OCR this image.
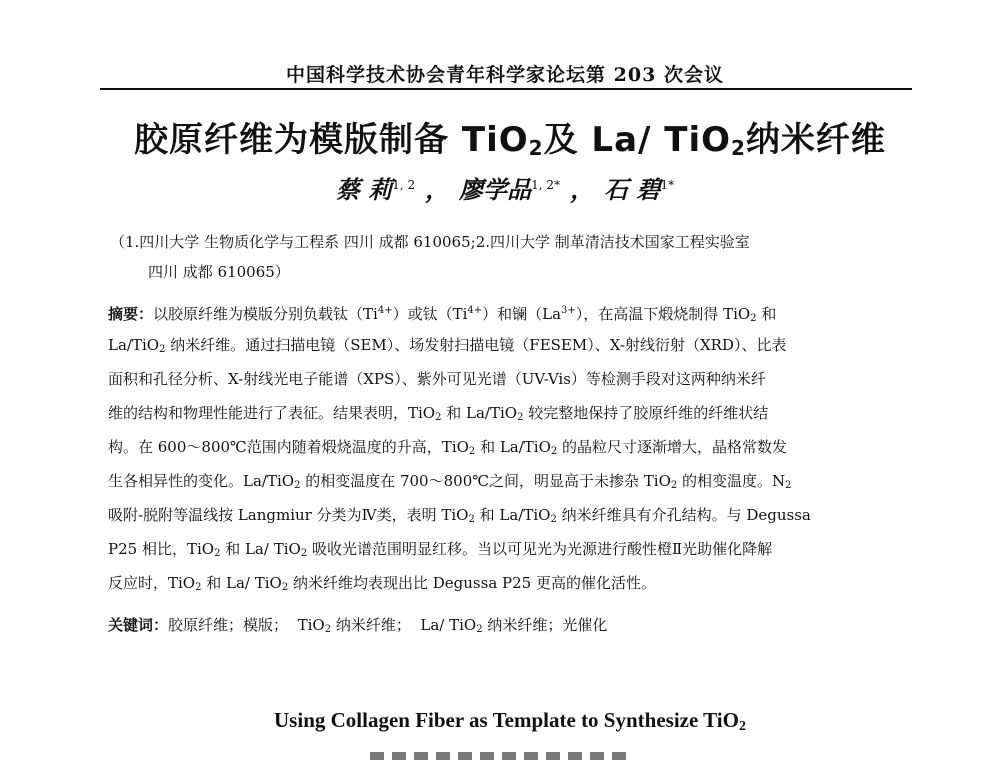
中国科学技术协会青年科学家论坛第 203 次会议
胶原纤维为模版制备 TiO$_2$及 La/ TiO$_2$纳米纤维
蔡 莉$^{1, 2}$ ， 廖学品$^{1, 2*}$ ， 石 碧$^{1*}$
（1.四川大学 生物质化学与工程系 四川 成都 610065;2.四川大学 制革清洁技术国家工程实验室
四川 成都 610065）
摘要：以胶原纤维为模版分别负载钛$(Ti^{4+})$或钛$(Ti^{4+})$和镧$(La^{3+})$，在高温下煅烧制得 TiO$_2$ 和
La/TiO$_2$ 纳米纤维。通过扫描电镜（SEM）、场发射扫描电镜（FESEM）、X-射线衍射（XRD）、比表
面积和孔径分析、X-射线光电子能谱（XPS）、紫外可见光谱（UV-Vis）等检测手段对这两种纳米纤
维的结构和物理性能进行了表征。结果表明，TiO$_2$ 和 La/TiO$_2$ 较完整地保持了胶原纤维的纤维状结
构。在 600～800℃范围内随着煅烧温度的升高，TiO$_2$ 和 La/TiO$_2$ 的晶粒尺寸逐渐增大，晶格常数发
生各相异性的变化。La/TiO$_2$ 的相变温度在 700～800℃之间，明显高于未掺杂 TiO$_2$ 的相变温度。$N_2$
吸附-脱附等温线按 Langmiur 分类为Ⅳ类，表明 TiO$_2$ 和 La/TiO$_2$ 纳米纤维具有介孔结构。与 Degussa
P25 相比，TiO$_2$ 和 La/ TiO$_2$ 吸收光谱范围明显红移。当以可见光为光源进行酸性橙Ⅱ光助催化降解
反应时，TiO$_2$ 和 La/ TiO$_2$ 纳米纤维均表现出比 Degussa P25 更高的催化活性。
关键词：胶原纤维；模版； TiO$_2$ 纳米纤维； La/ TiO$_2$ 纳米纤维；光催化
Using Collagen Fiber as Template to Synthesize TiO$_2$
